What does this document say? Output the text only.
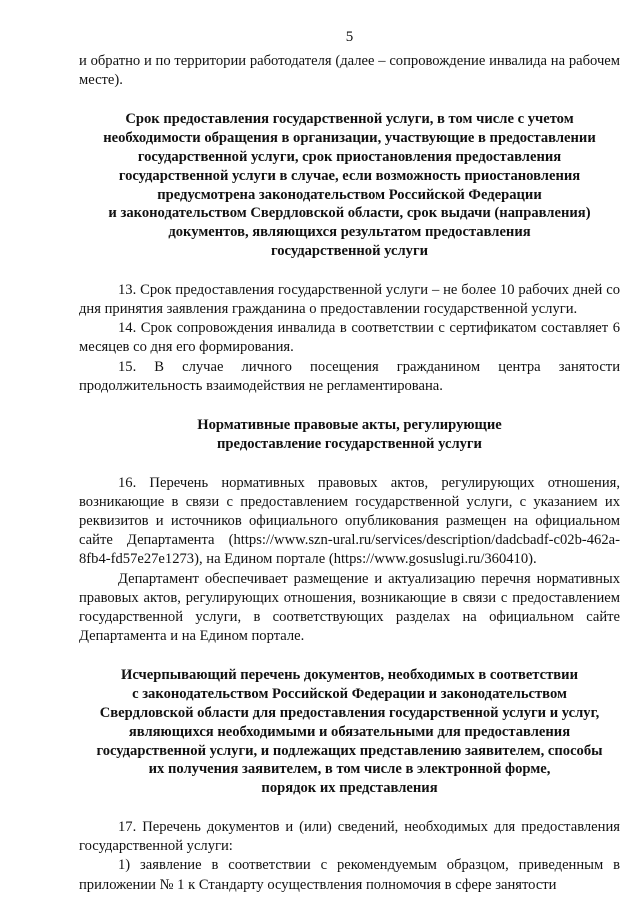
5

и обратно и по территории работодателя (далее – сопровождение инвалида на рабочем месте).

Срок предоставления государственной услуги, в том числе с учетом
необходимости обращения в организации, участвующие в предоставлении
государственной услуги, срок приостановления предоставления
государственной услуги в случае, если возможность приостановления
предусмотрена законодательством Российской Федерации
и законодательством Свердловской области, срок выдачи (направления)
документов, являющихся результатом предоставления
государственной услуги

13. Срок предоставления государственной услуги – не более 10 рабочих дней со дня принятия заявления гражданина о предоставлении государственной услуги.

14. Срок сопровождения инвалида в соответствии с сертификатом составляет 6 месяцев со дня его формирования.

15. В случае личного посещения гражданином центра занятости продолжительность взаимодействия не регламентирована.

Нормативные правовые акты, регулирующие
предоставление государственной услуги

16. Перечень нормативных правовых актов, регулирующих отношения, возникающие в связи с предоставлением государственной услуги, с указанием их реквизитов и источников официального опубликования размещен на официальном сайте Департамента (https://www.szn-ural.ru/services/description/dadcbadf-c02b-462a-8fb4-fd57e27e1273), на Едином портале (https://www.gosuslugi.ru/360410).

Департамент обеспечивает размещение и актуализацию перечня нормативных правовых актов, регулирующих отношения, возникающие в связи с предоставлением государственной услуги, в соответствующих разделах на официальном сайте Департамента и на Едином портале.

Исчерпывающий перечень документов, необходимых в соответствии
с законодательством Российской Федерации и законодательством
Свердловской области для предоставления государственной услуги и услуг,
являющихся необходимыми и обязательными для предоставления
государственной услуги, и подлежащих представлению заявителем, способы
их получения заявителем, в том числе в электронной форме,
порядок их представления

17. Перечень документов и (или) сведений, необходимых для предоставления государственной услуги:

1) заявление в соответствии с рекомендуемым образцом, приведенным в приложении № 1 к Стандарту осуществления полномочия в сфере занятости
